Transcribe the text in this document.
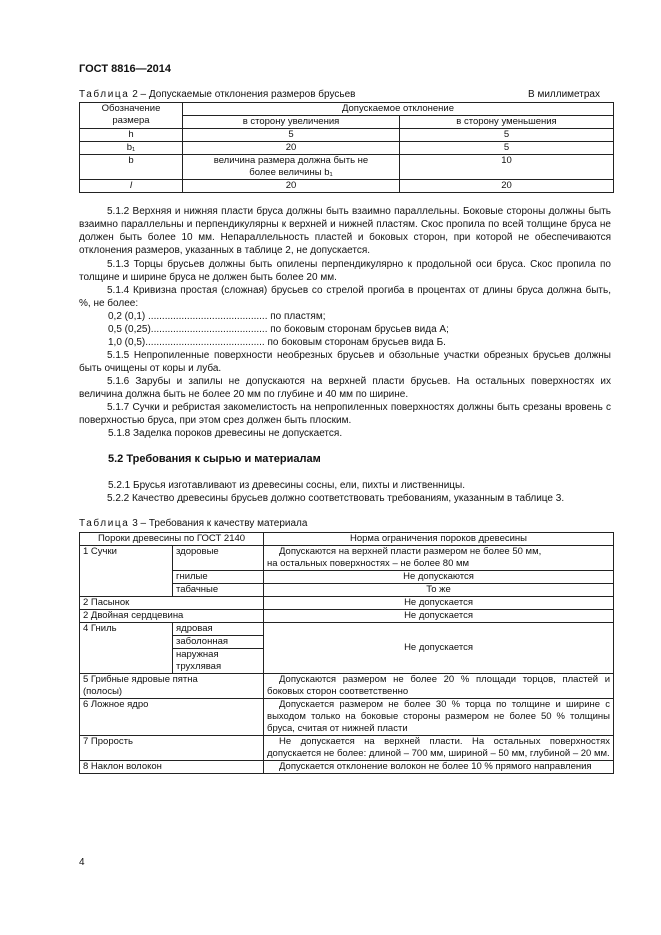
ГОСТ 8816—2014
Таблица 2 – Допускаемые отклонения размеров брусьев	В миллиметрах
Обозначение размера	Допускаемое отклонение	
	в сторону увеличения	в сторону уменьшения
h	5	5
b₁	20	5
b	величина размера должна быть не более величины b₁	10
l	20	20
5.1.2 Верхняя и нижняя пласти бруса должны быть взаимно параллельны. Боковые стороны должны быть взаимно параллельны и перпендикулярны к верхней и нижней пластям. Скос пропила по всей толщине бруса не должен быть более 10 мм. Непараллельность пластей и боковых сторон, при которой не обеспечиваются отклонения размеров, указанных в таблице 2, не допускается.
5.1.3 Торцы брусьев должны быть опилены перпендикулярно к продольной оси бруса. Скос пропила по толщине и ширине бруса не должен быть более 20 мм.
5.1.4 Кривизна простая (сложная) брусьев со стрелой прогиба в процентах от длины бруса должна быть, %, не более:
0,2 (0,1) ........................................... по пластям;
0,5 (0,25).......................................... по боковым сторонам брусьев вида А;
1,0 (0,5)........................................... по боковым сторонам брусьев вида Б.
5.1.5 Непропиленные поверхности необрезных брусьев и обзольные участки обрезных брусьев должны быть очищены от коры и луба.
5.1.6 Зарубы и запилы не допускаются на верхней пласти брусьев. На остальных поверхностях их величина должна быть не более 20 мм по глубине и 40 мм по ширине.
5.1.7 Сучки и ребристая закомелистость на непропиленных поверхностях должны быть срезаны вровень с поверхностью бруса, при этом срез должен быть плоским.
5.1.8 Заделка пороков древесины не допускается.
5.2 Требования к сырью и материалам
5.2.1 Брусья изготавливают из древесины сосны, ели, пихты и лиственницы.
5.2.2 Качество древесины брусьев должно соответствовать требованиям, указанным в таблице 3.
Таблица 3 – Требования к качеству материала
Пороки древесины по ГОСТ 2140		Норма ограничения пороков древесины
1 Сучки	здоровые	Допускаются на верхней пласти размером не более 50 мм,
на остальных поверхностях – не более 80 мм

	гнилые	Не допускаются
	табачные	То же
2 Пасынок		Не допускается
2 Двойная сердцевина		Не допускается
4 Гниль	ядровая	Не допускается
	заболонная	
	наружная трухлявая	
5 Грибные ядровые пятна (полосы)		Допускаются размером не более 20 % площади торцов, пластей и боковых сторон соответственно
6 Ложное ядро		Допускается размером не более 30 % торца по толщине и ширине с выходом только на боковые стороны размером не более 50 % толщины бруса, считая от нижней пласти
7 Прорость		Не допускается на верхней пласти. На остальных поверхностях допускается не более: длиной – 700 мм, шириной – 50 мм, глубиной – 20 мм.
8 Наклон волокон		Допускается отклонение волокон не более 10 % прямого направления
4
